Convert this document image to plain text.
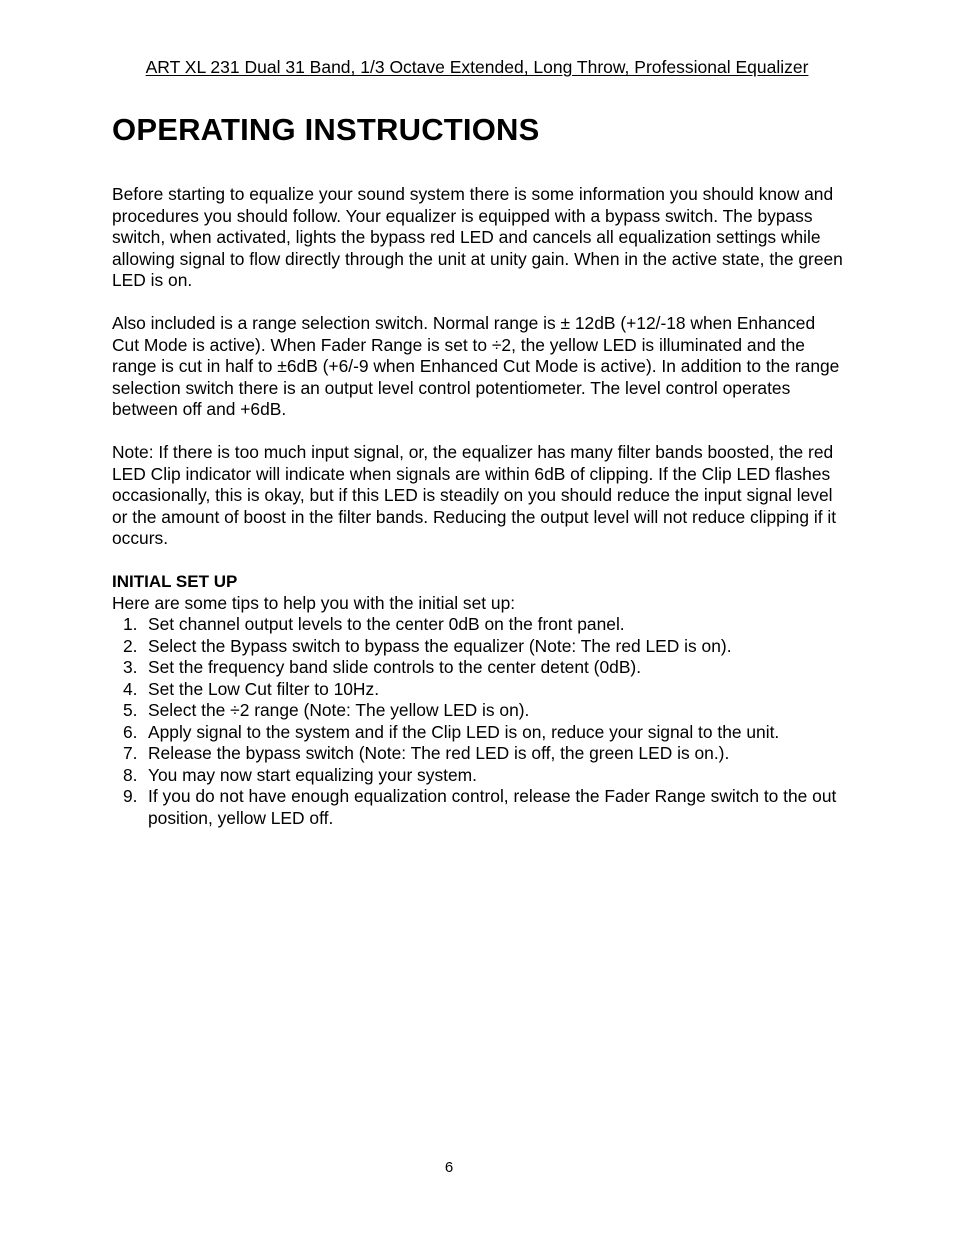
ART XL 231 Dual 31 Band, 1/3 Octave Extended, Long Throw, Professional Equalizer
OPERATING INSTRUCTIONS

Before starting to equalize your sound system there is some information you should know and procedures you should follow. Your equalizer is equipped with a bypass switch. The bypass switch, when activated, lights the bypass red LED and cancels all equalization settings while allowing signal to flow directly through the unit at unity gain. When in the active state, the green LED is on.

Also included is a range selection switch. Normal range is ± 12dB (+12/-18 when Enhanced Cut Mode is active). When Fader Range is set to ÷2, the yellow LED is illuminated and the range is cut in half to ±6dB (+6/-9 when Enhanced Cut Mode is active). In addition to the range selection switch there is an output level control potentiometer. The level control operates between off and +6dB.

Note: If there is too much input signal, or, the equalizer has many filter bands boosted, the red LED Clip indicator will indicate when signals are within 6dB of clipping. If the Clip LED flashes occasionally, this is okay, but if this LED is steadily on you should reduce the input signal level or the amount of boost in the filter bands. Reducing the output level will not reduce clipping if it occurs.

INITIAL SET UP
Here are some tips to help you with the initial set up:
1. Set channel output levels to the center 0dB on the front panel.
2. Select the Bypass switch to bypass the equalizer (Note: The red LED is on).
3. Set the frequency band slide controls to the center detent (0dB).
4. Set the Low Cut filter to 10Hz.
5. Select the ÷2 range (Note: The yellow LED is on).
6. Apply signal to the system and if the Clip LED is on, reduce your signal to the unit.
7. Release the bypass switch (Note: The red LED is off, the green LED is on.).
8. You may now start equalizing your system.
9. If you do not have enough equalization control, release the Fader Range switch to the out position, yellow LED off.
6
